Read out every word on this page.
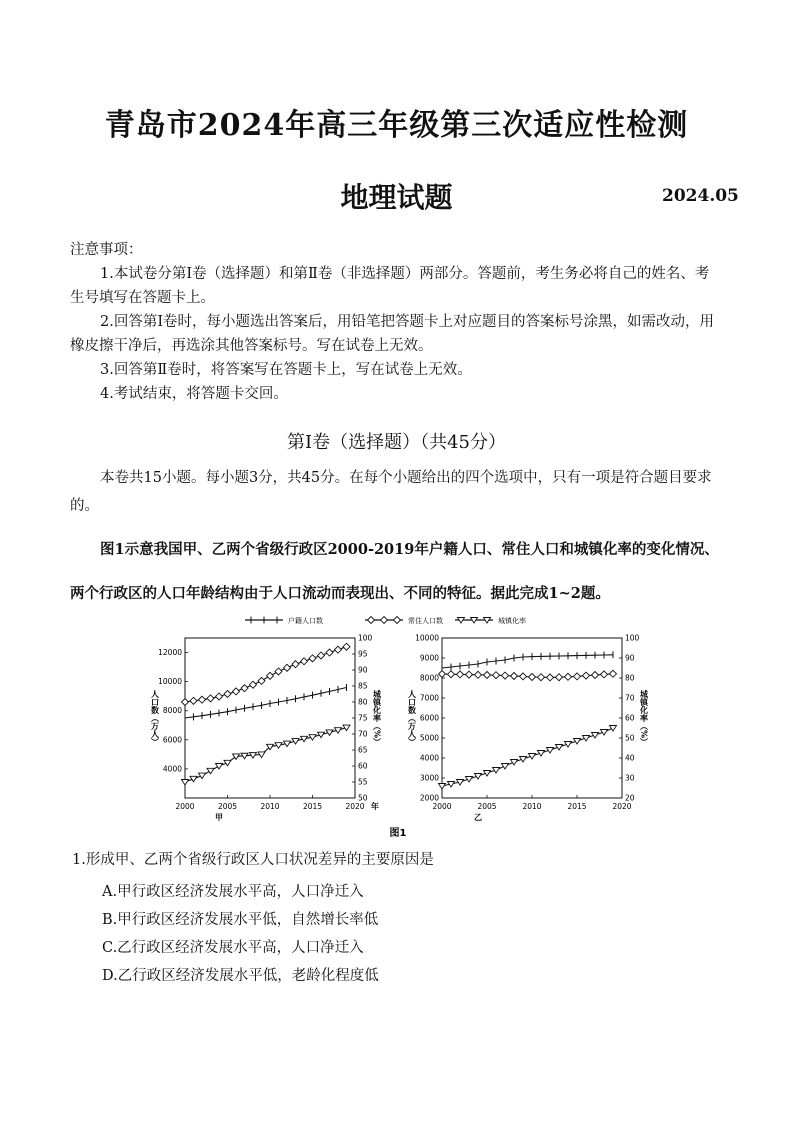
青岛市2024年高三年级第三次适应性检测
地理试题	2024.05
注意事项：
1.本试卷分第Ⅰ卷（选择题）和第Ⅱ卷（非选择题）两部分。答题前，考生务必将自己的姓名、考生号填写在答题卡上。
2.回答第Ⅰ卷时，每小题选出答案后，用铅笔把答题卡上对应题目的答案标号涂黑，如需改动，用橡皮擦干净后，再选涂其他答案标号。写在试卷上无效。
3.回答第Ⅱ卷时，将答案写在答题卡上，写在试卷上无效。
4.考试结束，将答题卡交回。
第Ⅰ卷（选择题）（共45分）
本卷共15小题。每小题3分，共45分。在每个小题给出的四个选项中，只有一项是符合题目要求的。
图1示意我国甲、乙两个省级行政区2000-2019年户籍人口、常住人口和城镇化率的变化情况、两个行政区的人口年龄结构由于人口流动而表现出、不同的特征。据此完成1~2题。
户籍人口数	常住人口数	城镇化率
2000	2005	2010	2015	2020
4000
6000
8000
10000
12000
50
55
60
65
70
75
80
85
90
95
100
人口数（万人）	城镇化率（%）
甲
年	2000	2005	2010	2015	2020
2000
3000
4000
5000
6000
7000
8000
9000
10000
20
30
40
50
60
70
80
90
100
人口数（万人）	城镇化率（%）
乙
图1
1.形成甲、乙两个省级行政区人口状况差异的主要原因是
A.甲行政区经济发展水平高，人口净迁入
B.甲行政区经济发展水平低，自然增长率低
C.乙行政区经济发展水平高，人口净迁入
D.乙行政区经济发展水平低，老龄化程度低
